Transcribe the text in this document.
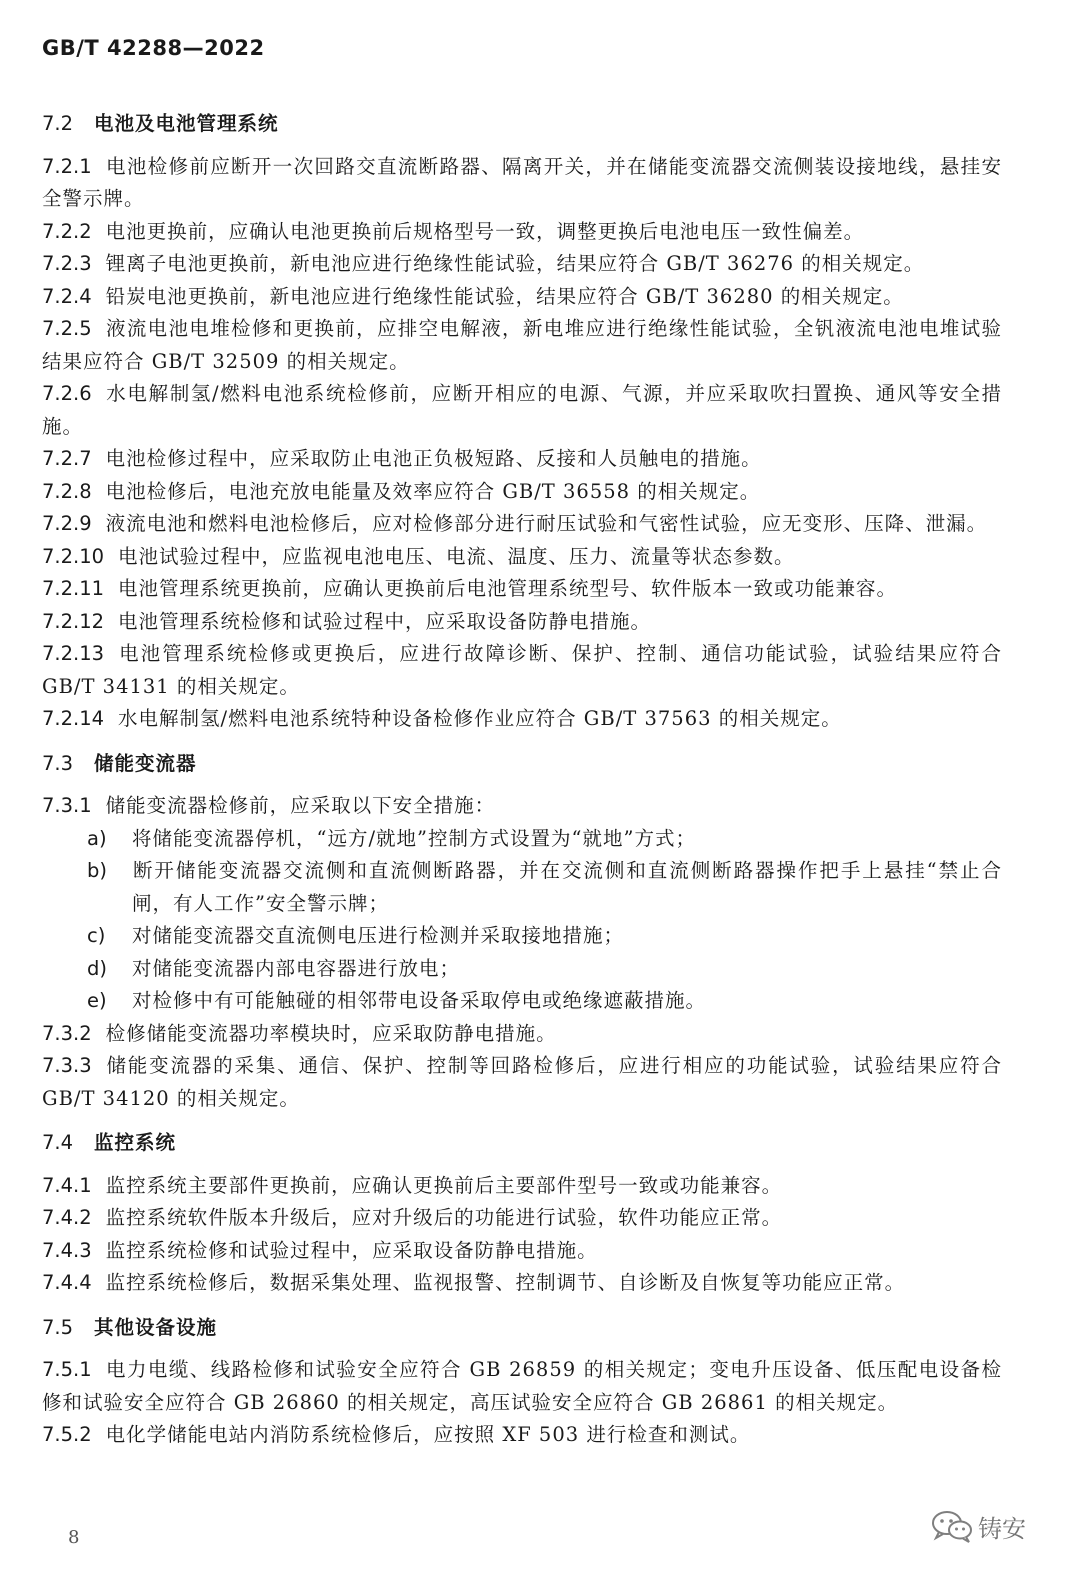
GB/T 42288—2022
7.2 电池及电池管理系统

7.2.1 电池检修前应断开一次回路交直流断路器、隔离开关，并在储能变流器交流侧装设接地线，悬挂安全警示牌。

7.2.2 电池更换前，应确认电池更换前后规格型号一致，调整更换后电池电压一致性偏差。

7.2.3 锂离子电池更换前，新电池应进行绝缘性能试验，结果应符合 GB/T 36276 的相关规定。

7.2.4 铅炭电池更换前，新电池应进行绝缘性能试验，结果应符合 GB/T 36280 的相关规定。

7.2.5 液流电池电堆检修和更换前，应排空电解液，新电堆应进行绝缘性能试验，全钒液流电池电堆试验结果应符合 GB/T 32509 的相关规定。

7.2.6 水电解制氢/燃料电池系统检修前，应断开相应的电源、气源，并应采取吹扫置换、通风等安全措施。

7.2.7 电池检修过程中，应采取防止电池正负极短路、反接和人员触电的措施。

7.2.8 电池检修后，电池充放电能量及效率应符合 GB/T 36558 的相关规定。

7.2.9 液流电池和燃料电池检修后，应对检修部分进行耐压试验和气密性试验，应无变形、压降、泄漏。

7.2.10 电池试验过程中，应监视电池电压、电流、温度、压力、流量等状态参数。

7.2.11 电池管理系统更换前，应确认更换前后电池管理系统型号、软件版本一致或功能兼容。

7.2.12 电池管理系统检修和试验过程中，应采取设备防静电措施。

7.2.13 电池管理系统检修或更换后，应进行故障诊断、保护、控制、通信功能试验，试验结果应符合 GB/T 34131 的相关规定。

7.2.14 水电解制氢/燃料电池系统特种设备检修作业应符合 GB/T 37563 的相关规定。

7.3 储能变流器

7.3.1 储能变流器检修前，应采取以下安全措施：

a) 将储能变流器停机，“远方/就地”控制方式设置为“就地”方式；
b) 断开储能变流器交流侧和直流侧断路器，并在交流侧和直流侧断路器操作把手上悬挂“禁止合闸，有人工作”安全警示牌；
c) 对储能变流器交直流侧电压进行检测并采取接地措施；
d) 对储能变流器内部电容器进行放电；
e) 对检修中有可能触碰的相邻带电设备采取停电或绝缘遮蔽措施。

7.3.2 检修储能变流器功率模块时，应采取防静电措施。

7.3.3 储能变流器的采集、通信、保护、控制等回路检修后，应进行相应的功能试验，试验结果应符合 GB/T 34120 的相关规定。

7.4 监控系统

7.4.1 监控系统主要部件更换前，应确认更换前后主要部件型号一致或功能兼容。

7.4.2 监控系统软件版本升级后，应对升级后的功能进行试验，软件功能应正常。

7.4.3 监控系统检修和试验过程中，应采取设备防静电措施。

7.4.4 监控系统检修后，数据采集处理、监视报警、控制调节、自诊断及自恢复等功能应正常。

7.5 其他设备设施

7.5.1 电力电缆、线路检修和试验安全应符合 GB 26859 的相关规定；变电升压设备、低压配电设备检修和试验安全应符合 GB 26860 的相关规定，高压试验安全应符合 GB 26861 的相关规定。

7.5.2 电化学储能电站内消防系统检修后，应按照 XF 503 进行检查和测试。

8	铸安
